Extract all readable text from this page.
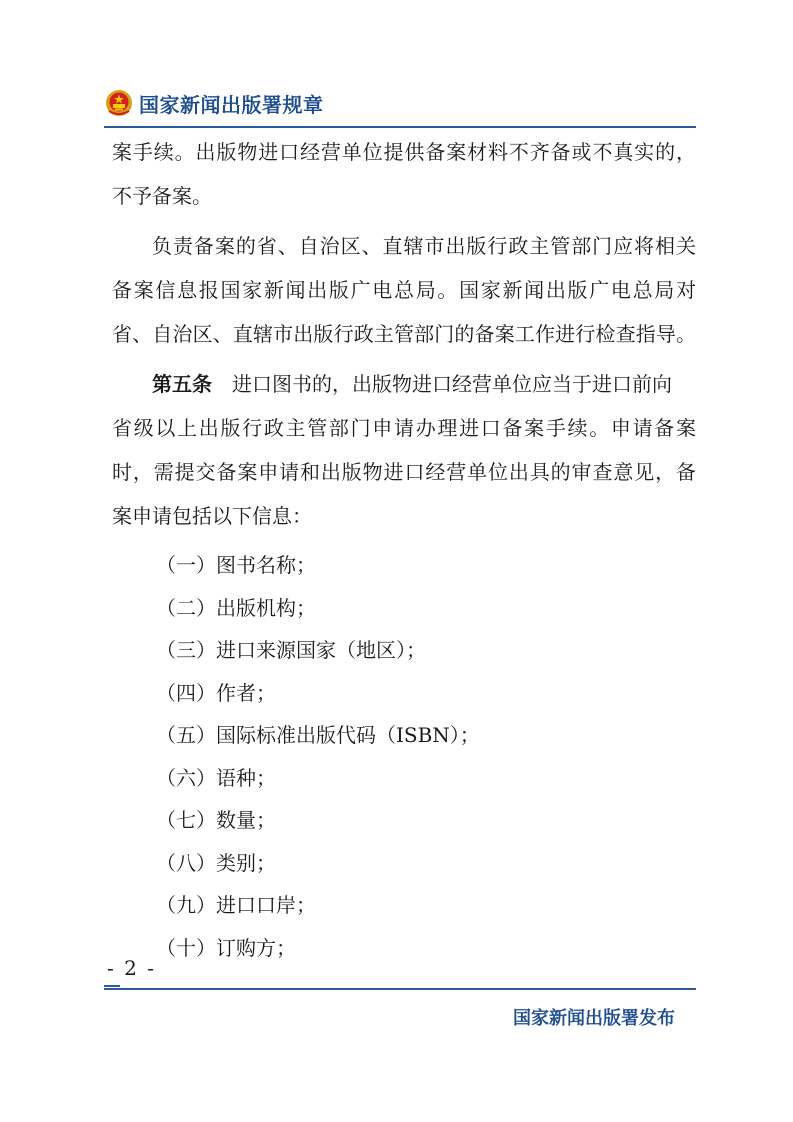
国家新闻出版署规章
案手续。出版物进口经营单位提供备案材料不齐备或不真实的，
不予备案。
负责备案的省、自治区、直辖市出版行政主管部门应将相关
备案信息报国家新闻出版广电总局。国家新闻出版广电总局对
省、自治区、直辖市出版行政主管部门的备案工作进行检查指导。
第五条 进口图书的，出版物进口经营单位应当于进口前向
省级以上出版行政主管部门申请办理进口备案手续。申请备案
时，需提交备案申请和出版物进口经营单位出具的审查意见，备
案申请包括以下信息：
（一）图书名称；
（二）出版机构；
（三）进口来源国家（地区）；
（四）作者；
（五）国际标准出版代码（ISBN）；
（六）语种；
（七）数量；
（八）类别；
（九）进口口岸；
（十）订购方；
- 2 -
国家新闻出版署发布
